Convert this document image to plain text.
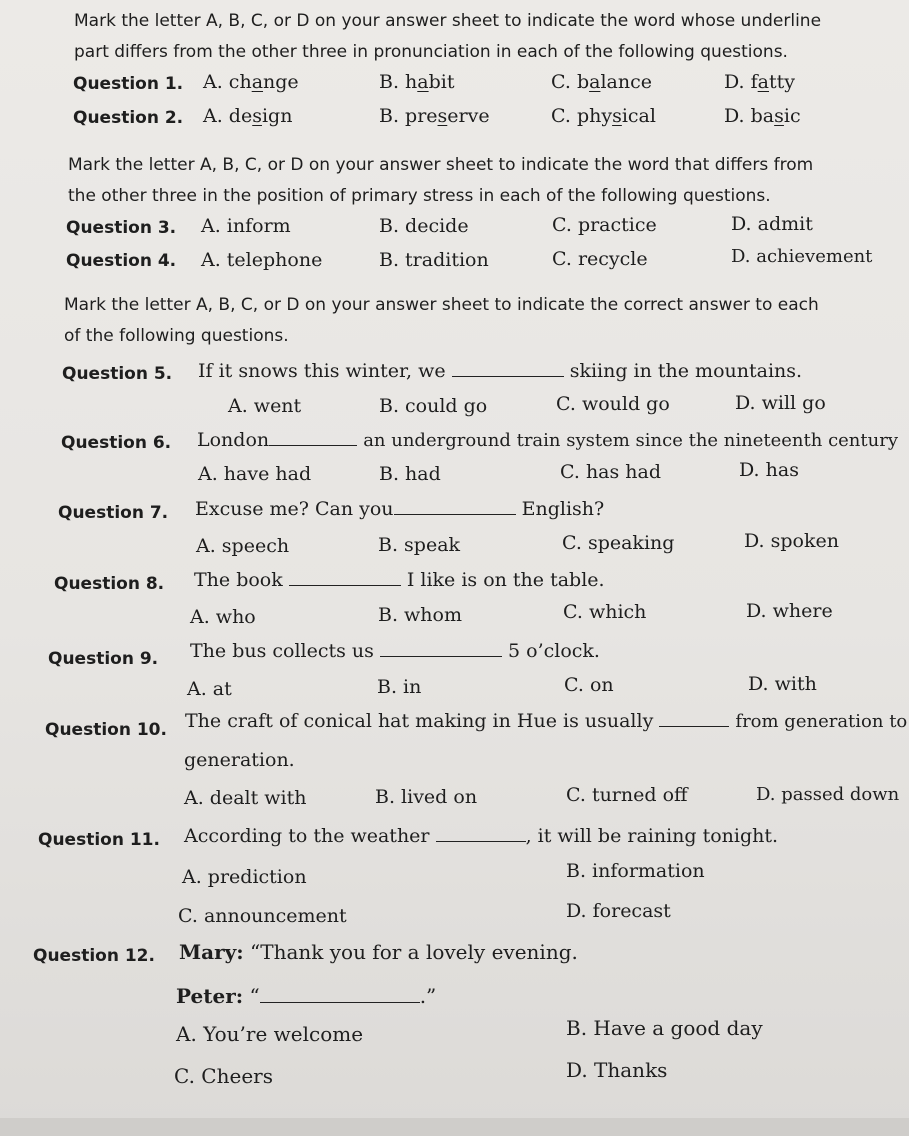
Mark the letter A, B, C, or D on your answer sheet to indicate the word whose underline
part differs from the other three in pronunciation in each of the following questions.
Question 1. A. change	B. habit	C. balance	D. fatty
Question 2. A. design	B. preserve	C. physical	D. basic
Mark the letter A, B, C, or D on your answer sheet to indicate the word that differs from
the other three in the position of primary stress in each of the following questions.
Question 3. A. inform	B. decide	C. practice	D. admit
Question 4. A. telephone	B. tradition	C. recycle	D. achievement
Mark the letter A, B, C, or D on your answer sheet to indicate the correct answer to each
of the following questions.
Question 5. If it snows this winter, we	skiing in the mountains.
A. went	B. could go	C. would go	D. will go
Question 6. London	an underground train system since the nineteenth century
A. have had	B. had	C. has had	D. has
Question 7. Excuse me? Can you	English?
A. speech	B. speak	C. speaking	D. spoken
Question 8. The book	I like is on the table.
A. who	B. whom	C. which	D. where
Question 9. The bus collects us	5 o’clock.
A. at	B. in	C. on	D. with
Question 10. The craft of conical hat making in Hue is usually	from generation to
generation.
A. dealt with	B. lived on	C. turned off	D. passed down
Question 11. According to the weather	, it will be raining tonight.
A. prediction	B. information
C. announcement	D. forecast
Question 12. Mary: “Thank you for a lovely evening.
Peter: “	.”
A. You’re welcome	B. Have a good day
C. Cheers	D. Thanks
